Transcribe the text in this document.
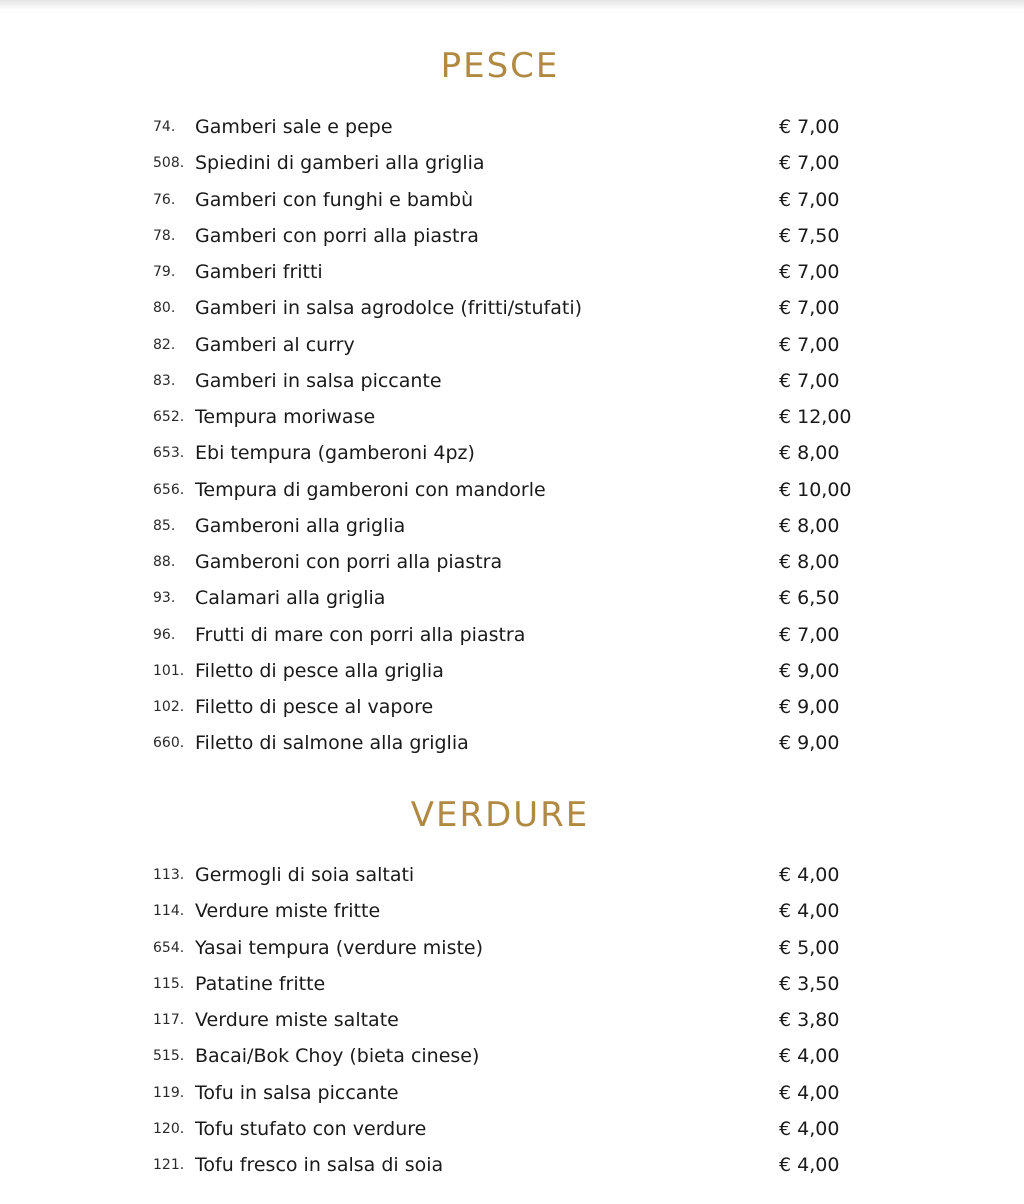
PESCE
74. Gamberi sale e pepe	€ 7,00
508. Spiedini di gamberi alla griglia	€ 7,00
76. Gamberi con funghi e bambù	€ 7,00
78. Gamberi con porri alla piastra	€ 7,50
79. Gamberi fritti	€ 7,00
80. Gamberi in salsa agrodolce (fritti/stufati)	€ 7,00
82. Gamberi al curry	€ 7,00
83. Gamberi in salsa piccante	€ 7,00
652. Tempura moriwase	€ 12,00
653. Ebi tempura (gamberoni 4pz)	€ 8,00
656. Tempura di gamberoni con mandorle	€ 10,00
85. Gamberoni alla griglia	€ 8,00
88. Gamberoni con porri alla piastra	€ 8,00
93. Calamari alla griglia	€ 6,50
96. Frutti di mare con porri alla piastra	€ 7,00
101. Filetto di pesce alla griglia	€ 9,00
102. Filetto di pesce al vapore	€ 9,00
660. Filetto di salmone alla griglia	€ 9,00
VERDURE
113. Germogli di soia saltati	€ 4,00
114. Verdure miste fritte	€ 4,00
654. Yasai tempura (verdure miste)	€ 5,00
115. Patatine fritte	€ 3,50
117. Verdure miste saltate	€ 3,80
515. Bacai/Bok Choy (bieta cinese)	€ 4,00
119. Tofu in salsa piccante	€ 4,00
120. Tofu stufato con verdure	€ 4,00
121. Tofu fresco in salsa di soia	€ 4,00
